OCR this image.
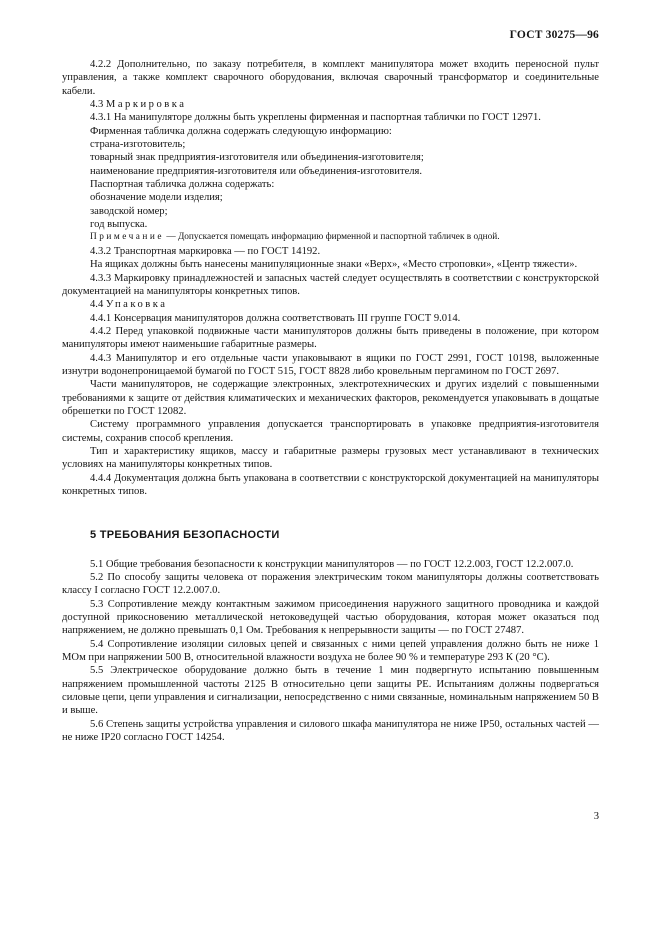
ГОСТ 30275—96

4.2.2 Дополнительно, по заказу потребителя, в комплект манипулятора может входить переносной пульт управления, а также комплект сварочного оборудования, включая сварочный трансформатор и соединительные кабели.

4.3 Маркировка

4.3.1 На манипуляторе должны быть укреплены фирменная и паспортная таблички по ГОСТ 12971.

Фирменная табличка должна содержать следующую информацию:

страна-изготовитель;

товарный знак предприятия-изготовителя или объединения-изготовителя;

наименование предприятия-изготовителя или объединения-изготовителя.

Паспортная табличка должна содержать:

обозначение модели изделия;

заводской номер;

год выпуска.

Примечание — Допускается помещать информацию фирменной и паспортной табличек в одной.

4.3.2 Транспортная маркировка — по ГОСТ 14192.

На ящиках должны быть нанесены манипуляционные знаки «Верх», «Место строповки», «Центр тяжести».

4.3.3 Маркировку принадлежностей и запасных частей следует осуществлять в соответствии с конструкторской документацией на манипуляторы конкретных типов.

4.4 Упаковка

4.4.1 Консервация манипуляторов должна соответствовать III группе ГОСТ 9.014.

4.4.2 Перед упаковкой подвижные части манипуляторов должны быть приведены в положение, при котором манипуляторы имеют наименьшие габаритные размеры.

4.4.3 Манипулятор и его отдельные части упаковывают в ящики по ГОСТ 2991, ГОСТ 10198, выложенные изнутри водонепроницаемой бумагой по ГОСТ 515, ГОСТ 8828 либо кровельным пергамином по ГОСТ 2697.

Части манипуляторов, не содержащие электронных, электротехнических и других изделий с повышенными требованиями к защите от действия климатических и механических факторов, рекомендуется упаковывать в дощатые обрешетки по ГОСТ 12082.

Систему программного управления допускается транспортировать в упаковке предприятия-изготовителя системы, сохранив способ крепления.

Тип и характеристику ящиков, массу и габаритные размеры грузовых мест устанавливают в технических условиях на манипуляторы конкретных типов.

4.4.4 Документация должна быть упакована в соответствии с конструкторской документацией на манипуляторы конкретных типов.

5 ТРЕБОВАНИЯ БЕЗОПАСНОСТИ

5.1 Общие требования безопасности к конструкции манипуляторов — по ГОСТ 12.2.003, ГОСТ 12.2.007.0.

5.2 По способу защиты человека от поражения электрическим током манипуляторы должны соответствовать классу I согласно ГОСТ 12.2.007.0.

5.3 Сопротивление между контактным зажимом присоединения наружного защитного проводника и каждой доступной прикосновению металлической нетоковедущей частью оборудования, которая может оказаться под напряжением, не должно превышать 0,1 Ом. Требования к непрерывности защиты — по ГОСТ 27487.

5.4 Сопротивление изоляции силовых цепей и связанных с ними цепей управления должно быть не ниже 1 МОм при напряжении 500 В, относительной влажности воздуха не более 90 % и температуре 293 К (20 °С).

5.5 Электрическое оборудование должно быть в течение 1 мин подвергнуто испытанию повышенным напряжением промышленной частоты 2125 В относительно цепи защиты РЕ. Испытаниям должны подвергаться силовые цепи, цепи управления и сигнализации, непосредственно с ними связанные, номинальным напряжением 50 В и выше.

5.6 Степень защиты устройства управления и силового шкафа манипулятора не ниже IP50, остальных частей — не ниже IP20 согласно ГОСТ 14254.

3
